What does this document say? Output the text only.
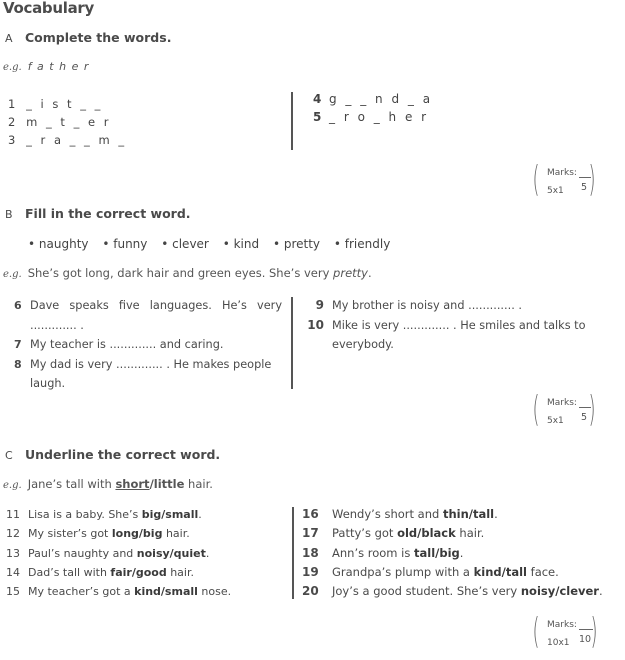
Vocabulary
A Complete the words.
e.g. f a t h e r
1 _ i s t _ _
2 m _ t _ e r
3 _ r a _ _ m _
4 g _ _ n d _ a
5 _ r o _ h e r
( Marks:
5x1 5 )
B Fill in the correct word.
• naughty • funny • clever • kind • pretty • friendly
e.g. She’s got long, dark hair and green eyes. She’s very pretty.
6 Dave speaks five languages. He’s very ............. .
7 My teacher is ............. and caring.
8 My dad is very ............. . He makes people laugh.
9 My brother is noisy and ............. .
10 Mike is very ............. . He smiles and talks to everybody.
( Marks:
5x1 5 )
C Underline the correct word.
e.g. Jane’s tall with short/little hair.
11 Lisa is a baby. She’s big/small.
12 My sister’s got long/big hair.
13 Paul’s naughty and noisy/quiet.
14 Dad’s tall with fair/good hair.
15 My teacher’s got a kind/small nose.
16 Wendy’s short and thin/tall.
17 Patty’s got old/black hair.
18 Ann’s room is tall/big.
19 Grandpa’s plump with a kind/tall face.
20 Joy’s a good student. She’s very noisy/clever.
( Marks:
10x1 10 )
